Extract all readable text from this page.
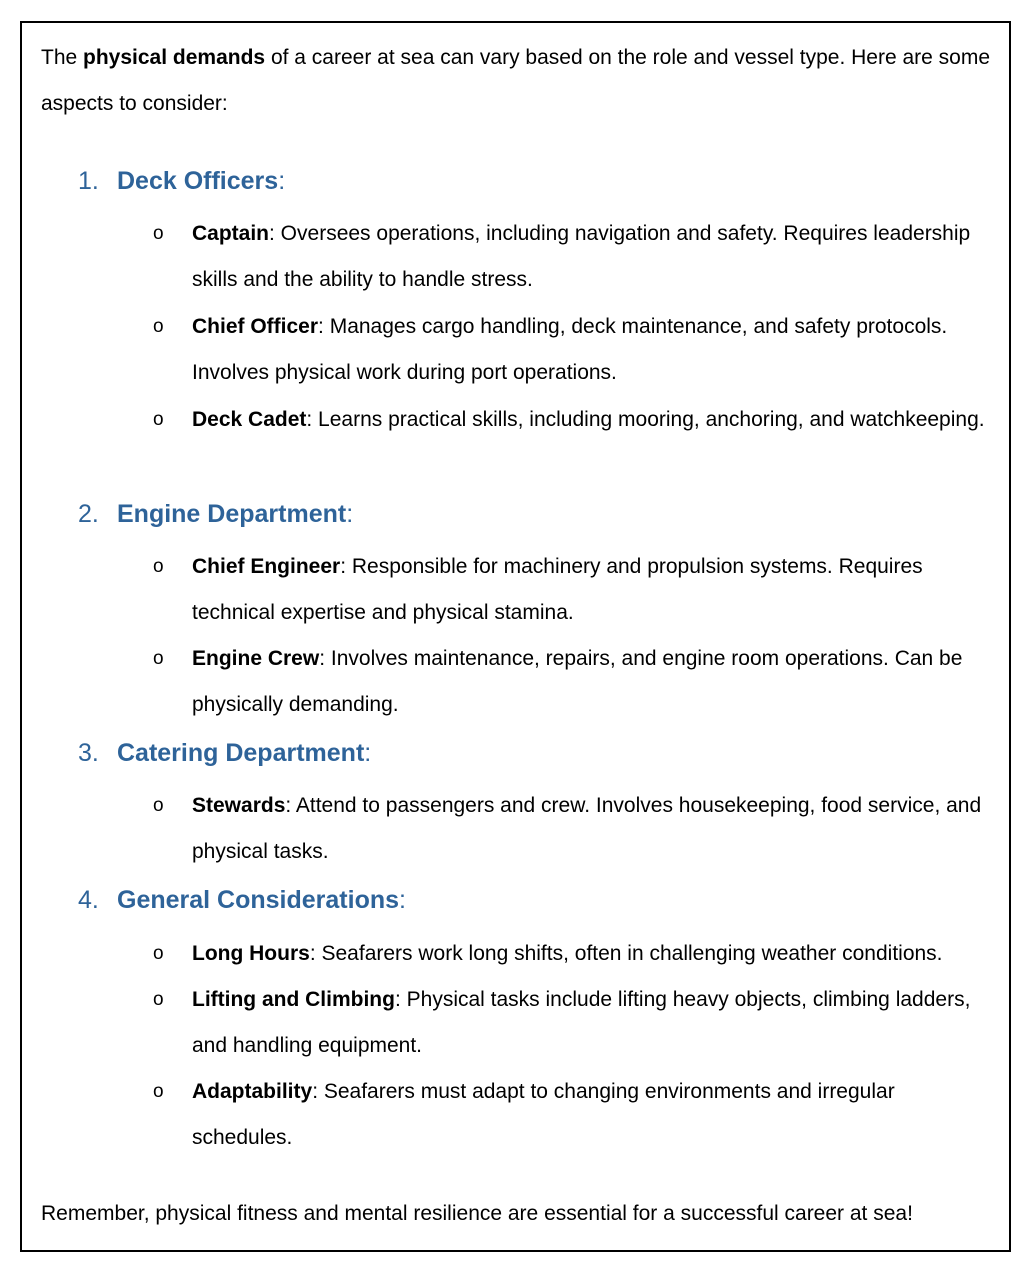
The physical demands of a career at sea can vary based on the role and vessel type. Here are some aspects to consider:

1. Deck Officers:
o Captain: Oversees operations, including navigation and safety. Requires leadership skills and the ability to handle stress.
o Chief Officer: Manages cargo handling, deck maintenance, and safety protocols. Involves physical work during port operations.
o Deck Cadet: Learns practical skills, including mooring, anchoring, and watchkeeping.
2. Engine Department:
o Chief Engineer: Responsible for machinery and propulsion systems. Requires technical expertise and physical stamina.
o Engine Crew: Involves maintenance, repairs, and engine room operations. Can be physically demanding.
3. Catering Department:
o Stewards: Attend to passengers and crew. Involves housekeeping, food service, and physical tasks.
4. General Considerations:
o Long Hours: Seafarers work long shifts, often in challenging weather conditions.
o Lifting and Climbing: Physical tasks include lifting heavy objects, climbing ladders, and handling equipment.
o Adaptability: Seafarers must adapt to changing environments and irregular schedules.

Remember, physical fitness and mental resilience are essential for a successful career at sea!
